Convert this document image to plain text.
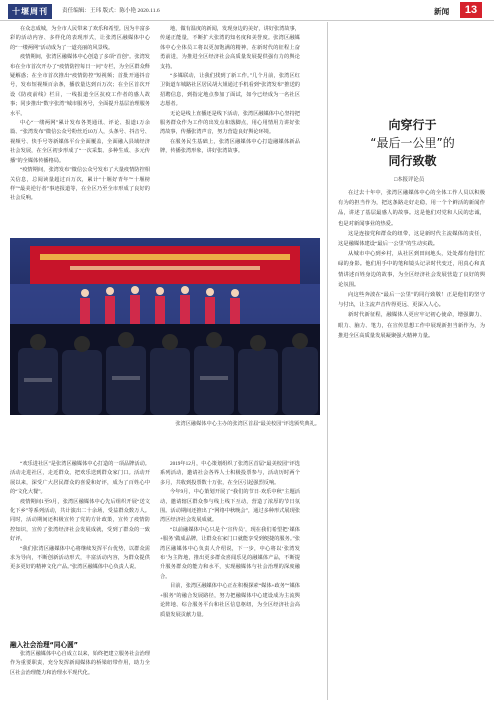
十堰周刊	责任编辑：王玮 版式：陈小艳 2020.11.6	新闻	13

在众志成城，为全市人民带来了欢乐和希望。因为丰富多彩的活动内容、多样化的表现形式，让张湾区融媒体中心的“一缕两网”活动成为了一道亮丽的风景线。

疫情期间，张湾区融媒体中心创造了多项“首创”。张湾发布在全市首次开办了“疫情防控每日一问”专栏，为全区群众释疑解惑；在全市首次推出“疫情防控”短视频；首批开通抖音号，发布短视频百余条，播放量达到百万次；在全区首次开设《防疫前线》栏目，一线报道全区抗疫工作者的感人故事；同步推出“数字张湾”城市服务号，全面提升基层治理服务水平。

中心“一缕两网”累计发布各类通讯、评论、报道1万余篇、“张湾发布”微信公众号粉丝近10万人，头条号、抖音号、视频号、快手号等新媒体平台全面覆盖，全面融入县域经济社会发展，在全区初步形成了“一次采集、多种生成、多元传播”的全媒体传播格局。

“疫情期间，张湾发布”微信公众号发布了大量疫情防控相关信息，总阅读量超过百万次，累计“十堰好青年”“十堰榜样”“最美逆行者”事迹报道等，在全区乃至全市形成了良好的社会反响。

地，做有温度的新闻，发现身边的美好，讲好张湾故事，传递正能量，不断扩大张湾的知名度和美誉度。张湾区融媒体中心全体员工将以更加饱满的精神，在新时代的征程上奋勇前进，为推进全区经济社会高质量发展提供强有力的舆论支持。

“多媒联动，让我们找到了新工作。”几个月前，张湾区红卫街道车城路社区居民胡大姐通过手机看到“张湾发布”推送的招聘信息，到指定地点参加了面试，如今已经成为一名社区志愿者。

无论是线上直播还是线下活动，张湾区融媒体中心坚持把服务群众作为工作的出发点和落脚点，用心用情用力讲好张湾故事，传播张湾声音，努力营造良好舆论环境。

在服务民生基础上，张湾区融媒体中心打造融媒体新品牌，传播张湾形象，讲好张湾故事。

张湾区融媒体中心主办的张湾区首届“最美校园”评选颁奖典礼。

“欢乐进社区”是张湾区融媒体中心打造的一项品牌活动。活动走进社区，走近群众，把欢乐送到群众家门口。活动开展以来，深受广大居民群众的喜爱和好评，成为了百姓心中的“文化大餐”。

疫情期间1至9月，张湾区融媒体中心先后组织开展“送文化下乡”等系列活动，共计演出二十余场，受益群众数万人。同时，活动期间还积极宣传了党的方针政策，宣传了疫情防控知识，宣传了张湾经济社会发展成就，受到了群众的一致好评。

“我们张湾区融媒体中心将继续发挥平台优势，以群众需求为导向，不断创新活动形式，丰富活动内容，为群众提供更多更好的精神文化产品。”张湾区融媒体中心负责人说。

融入社会治理“同心圆”

张湾区融媒体中心自成立以来，始终把建立服务社会治理作为重要职责，充分发挥新闻媒体的桥梁纽带作用，助力全区社会治理能力和治理水平现代化。

2019年12月，中心策划组织了张湾区首届“最美校园”评选系列活动，邀请社会各界人士积极投票参与，活动历时两个多月，共收到投票数十万张，在全区引起强烈反响。

今年9月，中心策划开展了“我们的节日·欢乐中秋”主题活动，邀请辖区群众参与线上线下互动，营造了浓厚的节日氛围。活动期间还推出了“网络中秋晚会”，通过多种形式展现张湾区经济社会发展成就。

“以前融媒体中心只是个‘宣传员’，现在我们希望把‘媒体+服务’做成品牌，让群众在家门口就能享受到便捷的服务。”张湾区融媒体中心负责人介绍说，下一步，中心将以‘张湾发布’为主阵地，推出更多群众喜闻乐见的融媒体产品，不断提升服务群众的能力和水平，实现融媒体与社会治理的深度融合。

目前，张湾区融媒体中心正在积极探索“媒体+政务”“媒体+服务”的融合发展路径，努力把融媒体中心建设成为主流舆论阵地、综合服务平台和社区信息枢纽，为全区经济社会高质量发展贡献力量。

向穿行于
“最后一公里”的
同行致敬
□本报评论员

在过去十年中，张湾区融媒体中心的全体工作人员以积极有为的担当作为，把这条路走好走稳，用一个个鲜活的新闻作品，讲述了基层最感人的故事。这是他们对党和人民的忠诚，也是对新闻事业的热爱。

这是连接党和群众的纽带，这是新时代主流媒体的责任，这是融媒体建设“最后一公里”的生动实践。

从城市中心到乡村，从社区到田间地头，处处都有他们忙碌的身影。他们用手中的笔和镜头记录时代变迁，用真心和真情讲述百姓身边的故事，为全区经济社会发展营造了良好的舆论氛围。

向这些奔波在“最后一公里”的同行致敬！正是他们的坚守与付出，让主流声音传得更远、更深入人心。

新时代新征程，融媒体人更应牢记初心使命，增强脚力、眼力、脑力、笔力，在宣传思想工作中展现新担当新作为，为推进全区高质量发展凝聚强大精神力量。
